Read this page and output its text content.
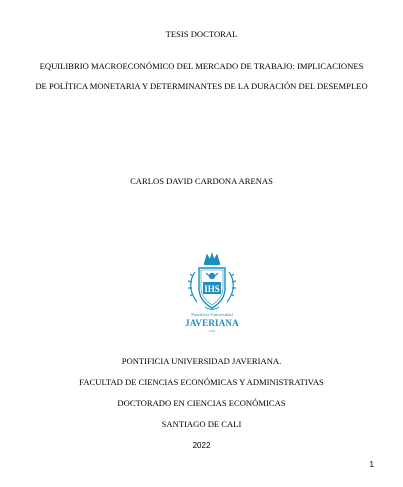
TESIS DOCTORAL
EQUILIBRIO MACROECONÓMICO DEL MERCADO DE TRABAJO: IMPLICACIONES
DE POLÍTICA MONETARIA Y DETERMINANTES DE LA DURACIÓN DEL DESEMPLEO
CARLOS DAVID CARDONA ARENAS
IHS
Pontificia Universidad
JAVERIANA
Cali
PONTIFICIA UNIVERSIDAD JAVERIANA.
FACULTAD DE CIENCIAS ECONÓMICAS Y ADMINISTRATIVAS
DOCTORADO EN CIENCIAS ECONÓMICAS
SANTIAGO DE CALI
2022
1
